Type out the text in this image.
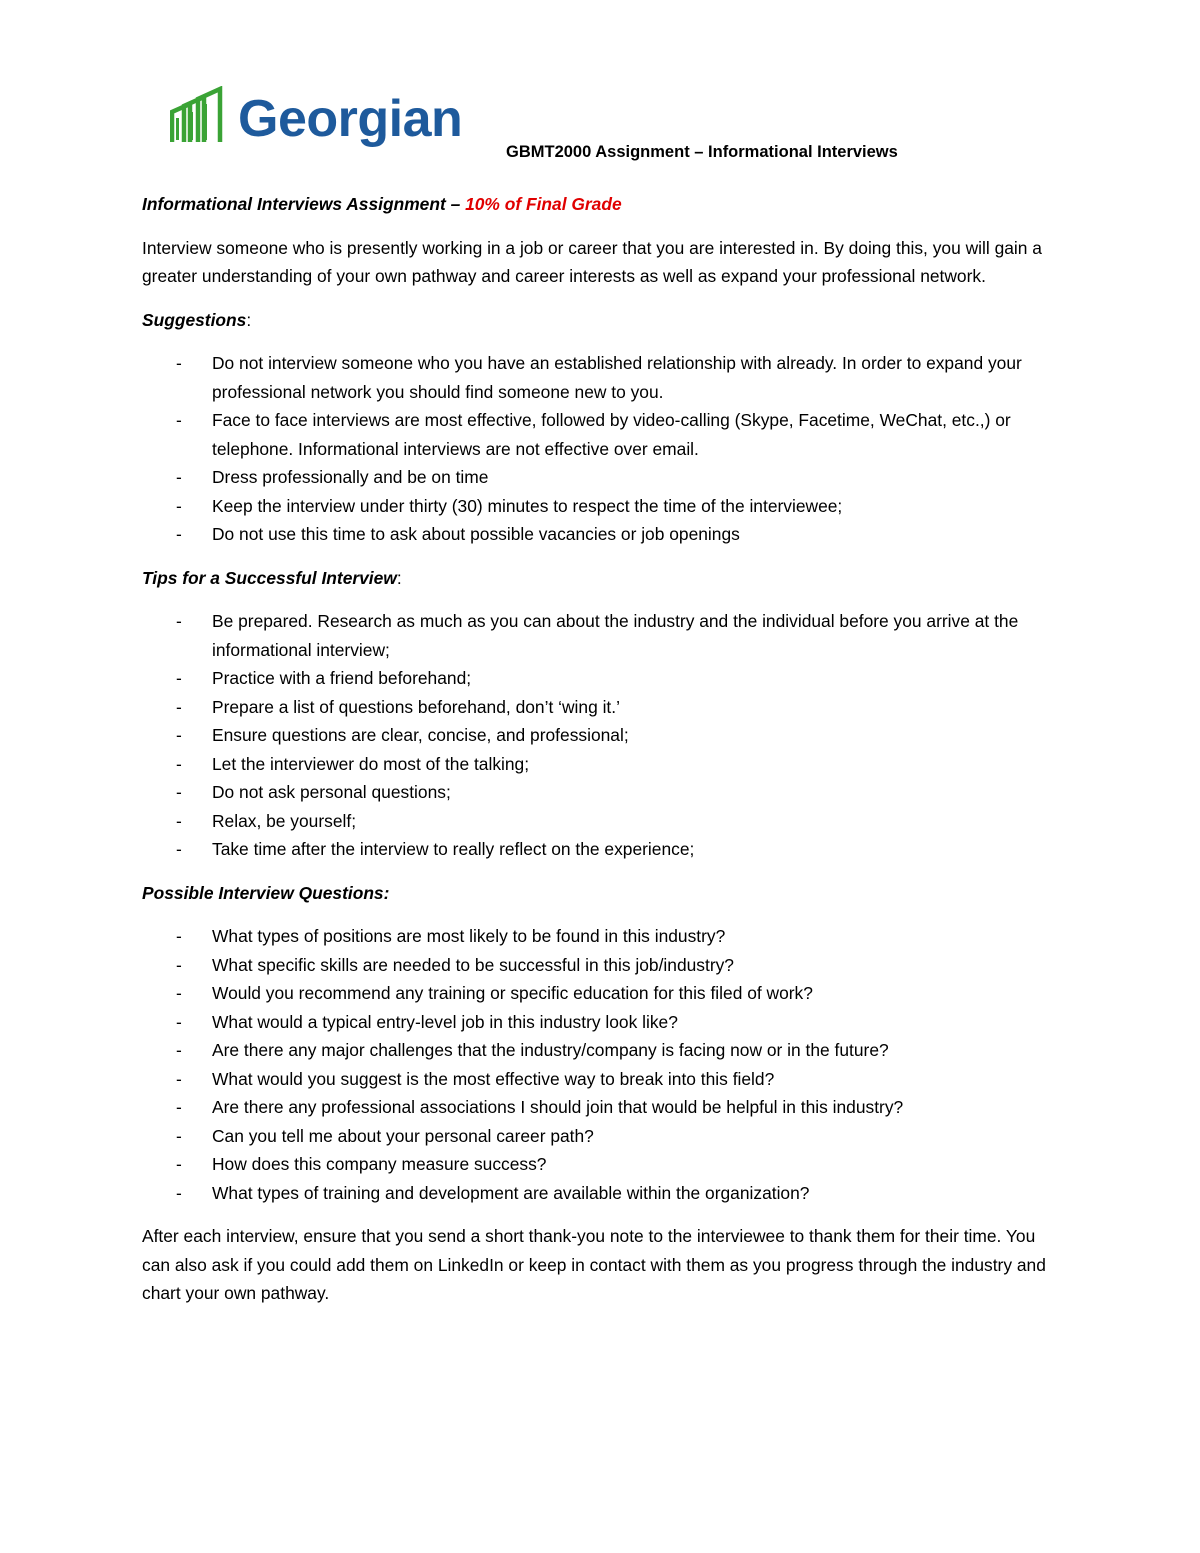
Georgian
GBMT2000 Assignment – Informational Interviews

Informational Interviews Assignment – 10% of Final Grade

Interview someone who is presently working in a job or career that you are interested in. By doing this, you will gain a greater understanding of your own pathway and career interests as well as expand your professional network.

Suggestions:

- Do not interview someone who you have an established relationship with already. In order to expand your professional network you should find someone new to you.
- Face to face interviews are most effective, followed by video-calling (Skype, Facetime, WeChat, etc.,) or telephone. Informational interviews are not effective over email.
- Dress professionally and be on time
- Keep the interview under thirty (30) minutes to respect the time of the interviewee;
- Do not use this time to ask about possible vacancies or job openings

Tips for a Successful Interview:

- Be prepared. Research as much as you can about the industry and the individual before you arrive at the informational interview;
- Practice with a friend beforehand;
- Prepare a list of questions beforehand, don’t ‘wing it.’
- Ensure questions are clear, concise, and professional;
- Let the interviewer do most of the talking;
- Do not ask personal questions;
- Relax, be yourself;
- Take time after the interview to really reflect on the experience;

Possible Interview Questions:

- What types of positions are most likely to be found in this industry?
- What specific skills are needed to be successful in this job/industry?
- Would you recommend any training or specific education for this filed of work?
- What would a typical entry-level job in this industry look like?
- Are there any major challenges that the industry/company is facing now or in the future?
- What would you suggest is the most effective way to break into this field?
- Are there any professional associations I should join that would be helpful in this industry?
- Can you tell me about your personal career path?
- How does this company measure success?
- What types of training and development are available within the organization?

After each interview, ensure that you send a short thank-you note to the interviewee to thank them for their time. You can also ask if you could add them on LinkedIn or keep in contact with them as you progress through the industry and chart your own pathway.
